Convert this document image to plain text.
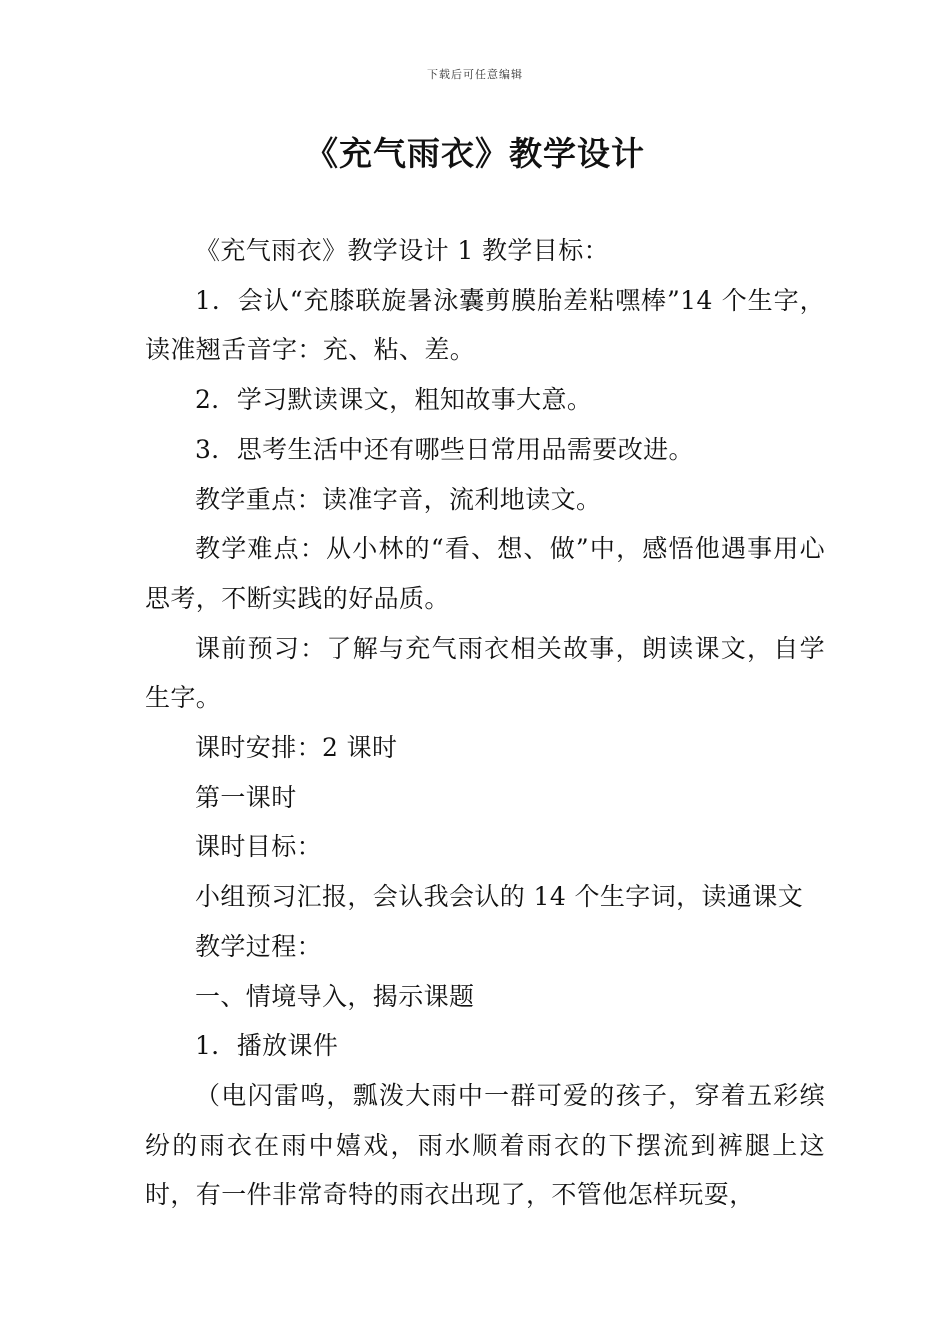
下载后可任意编辑
《充气雨衣》教学设计

《充气雨衣》教学设计 1 教学目标：

1．会认“充膝联旋暑泳囊剪膜胎差粘嘿棒”14 个生字，读准翘舌音字：充、粘、差。

2．学习默读课文，粗知故事大意。

3．思考生活中还有哪些日常用品需要改进。

教学重点：读准字音，流利地读文。

教学难点：从小林的“看、想、做”中，感悟他遇事用心思考，不断实践的好品质。

课前预习：了解与充气雨衣相关故事，朗读课文，自学生字。

课时安排：2 课时

第一课时

课时目标：

小组预习汇报，会认我会认的 14 个生字词，读通课文

教学过程：

一、情境导入，揭示课题

1．播放课件

（电闪雷鸣，瓢泼大雨中一群可爱的孩子，穿着五彩缤纷的雨衣在雨中嬉戏，雨水顺着雨衣的下摆流到裤腿上这时，有一件非常奇特的雨衣出现了，不管他怎样玩耍，
